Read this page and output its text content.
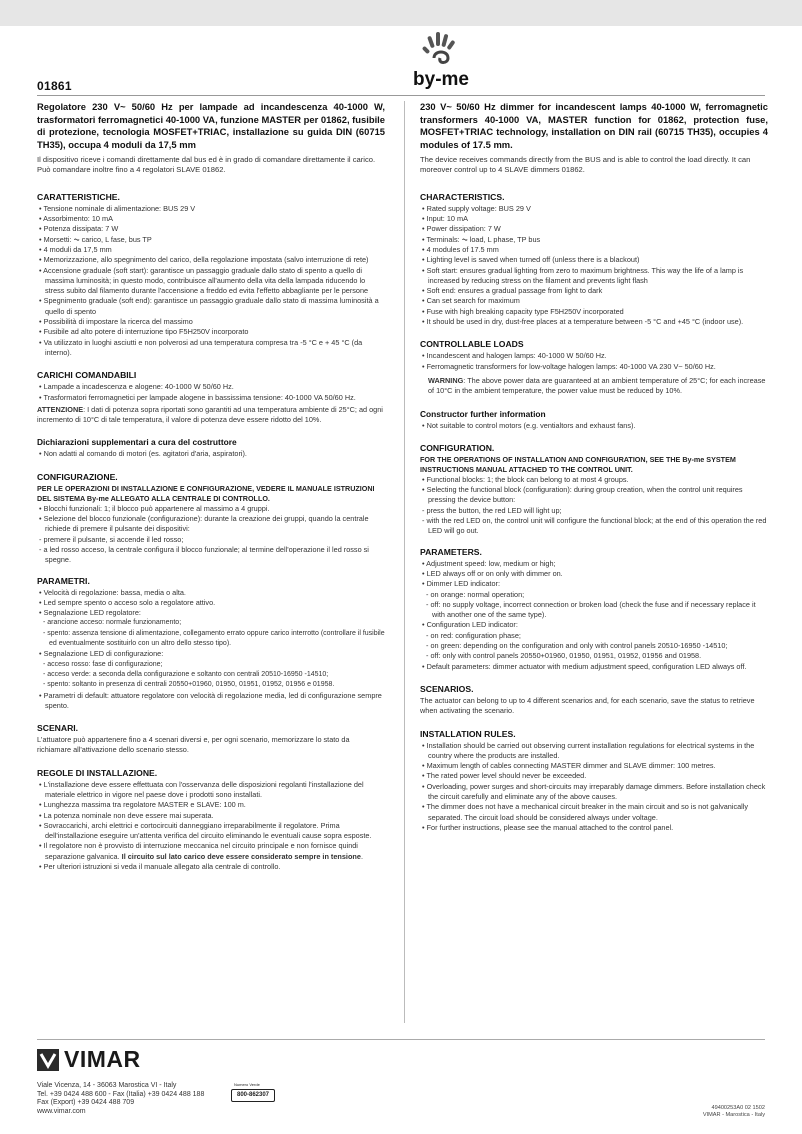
01861	by-me
Regolatore 230 V~ 50/60 Hz per lampade ad incandescenza 40-1000 W, trasformatori ferromagnetici 40-1000 VA, funzione MASTER per 01862, fusibile di protezione, tecnologia MOSFET+TRIAC, installazione su guida DIN (60715 TH35), occupa 4 moduli da 17,5 mm
Il dispositivo riceve i comandi direttamente dal bus ed è in grado di comandare direttamente il carico. Può comandare inoltre fino a 4 regolatori SLAVE 01862.
CARATTERISTICHE.
• Tensione nominale di alimentazione: BUS 29 V
• Assorbimento: 10 mA
• Potenza dissipata: 7 W
• Morsetti: ⏦ carico, L fase, bus TP
• 4 moduli da 17,5 mm
• Memorizzazione, allo spegnimento del carico, della regolazione impostata (salvo interruzione di rete)
• Accensione graduale (soft start): garantisce un passaggio graduale dallo stato di spento a quello di massima luminosità; in questo modo, contribuisce all'aumento della vita della lampada riducendo lo stress subito dal filamento durante l'accensione a freddo ed evita l'effetto abbagliante per le persone
• Spegnimento graduale (soft end): garantisce un passaggio graduale dallo stato di massima luminosità a quello di spento
• Possibilità di impostare la ricerca del massimo
• Fusibile ad alto potere di interruzione tipo F5H250V incorporato
• Va utilizzato in luoghi asciutti e non polverosi ad una temperatura compresa tra -5 °C e + 45 °C (da interno).
CARICHI COMANDABILI
• Lampade a incadescenza e alogene: 40-1000 W 50/60 Hz.
• Trasformatori ferromagnetici per lampade alogene in bassissima tensione: 40-1000 VA 50/60 Hz.
ATTENZIONE: I dati di potenza sopra riportati sono garantiti ad una temperatura ambiente di 25°C; ad ogni incremento di 10°C di tale temperatura, il valore di potenza deve essere ridotto del 10%.
Dichiarazioni supplementari a cura del costruttore
• Non adatti al comando di motori (es. agitatori d'aria, aspiratori).
CONFIGURAZIONE.
PER LE OPERAZIONI DI INSTALLAZIONE E CONFIGURAZIONE, VEDERE IL MANUALE ISTRUZIONI DEL SISTEMA By-me ALLEGATO ALLA CENTRALE DI CONTROLLO.
• Blocchi funzionali: 1; il blocco può appartenere al massimo a 4 gruppi.
• Selezione del blocco funzionale (configurazione): durante la creazione dei gruppi, quando la centrale richiede di premere il pulsante dei dispositivi:
- premere il pulsante, si accende il led rosso;
- a led rosso acceso, la centrale configura il blocco funzionale; al termine dell'operazione il led rosso si spegne.
PARAMETRI.
• Velocità di regolazione: bassa, media o alta.
• Led sempre spento o acceso solo a regolatore attivo.
• Segnalazione LED regolatore:
- arancione acceso: normale funzionamento;
- spento: assenza tensione di alimentazione, collegamento errato oppure carico interrotto (controllare il fusibile ed eventualmente sostituirlo con un altro dello stesso tipo).
• Segnalazione LED di configurazione:
- acceso rosso: fase di configurazione;
- acceso verde: a seconda della configurazione e soltanto con centrali 20510-16950 -14510;
- spento: soltanto in presenza di centrali 20550+01960, 01950, 01951, 01952, 01956 e 01958.
• Parametri di default: attuatore regolatore con velocità di regolazione media, led di configurazione sempre spento.
SCENARI.
L'attuatore può appartenere fino a 4 scenari diversi e, per ogni scenario, memorizzare lo stato da richiamare all'attivazione dello scenario stesso.
REGOLE DI INSTALLAZIONE.
• L'installazione deve essere effettuata con l'osservanza delle disposizioni regolanti l'installazione del materiale elettrico in vigore nel paese dove i prodotti sono installati.
• Lunghezza massima tra regolatore MASTER e SLAVE: 100 m.
• La potenza nominale non deve essere mai superata.
• Sovraccarichi, archi elettrici e cortocircuiti danneggiano irreparabilmente il regolatore. Prima dell'installazione eseguire un'attenta verifica del circuito eliminando le eventuali cause sopra esposte.
• Il regolatore non è provvisto di interruzione meccanica nel circuito principale e non fornisce quindi separazione galvanica. Il circuito sul lato carico deve essere considerato sempre in tensione.
• Per ulteriori istruzioni si veda il manuale allegato alla centrale di controllo.
230 V~ 50/60 Hz dimmer for incandescent lamps 40-1000 W, ferromagnetic transformers 40-1000 VA, MASTER function for 01862, protection fuse, MOSFET+TRIAC technology, installation on DIN rail (60715 TH35), occupies 4 modules of 17.5 mm.
The device receives commands directly from the BUS and is able to control the load directly. It can moreover control up to 4 SLAVE dimmers 01862.
CHARACTERISTICS.
• Rated supply voltage: BUS 29 V
• Input: 10 mA
• Power dissipation: 7 W
• Terminals: ⏦ load, L phase, TP bus
• 4 modules of 17.5 mm
• Lighting level is saved when turned off (unless there is a blackout)
• Soft start: ensures gradual lighting from zero to maximum brightness. This way the life of a lamp is increased by reducing stress on the filament and prevents light flash
• Soft end: ensures a gradual passage from light to dark
• Can set search for maximum
• Fuse with high breaking capacity type F5H250V incorporated
• It should be used in dry, dust-free places at a temperature between -5 °C and +45 °C (indoor use).
CONTROLLABLE LOADS
• Incandescent and halogen lamps: 40-1000 W 50/60 Hz.
• Ferromagnetic transformers for low-voltage halogen lamps: 40-1000 VA 230 V~ 50/60 Hz.
WARNING: The above power data are guaranteed at an ambient temperature of 25°C; for each increase of 10°C in the ambient temperature, the power value must be reduced by 10%.
Constructor further information
• Not suitable to control motors (e.g. ventialtors and exhaust fans).
CONFIGURATION.
FOR THE OPERATIONS OF INSTALLATION AND CONFIGURATION, SEE THE By-me SYSTEM INSTRUCTIONS MANUAL ATTACHED TO THE CONTROL UNIT.
• Functional blocks: 1; the block can belong to at most 4 groups.
• Selecting the functional block (configuration): during group creation, when the control unit requires pressing the device button:
- press the button, the red LED will light up;
- with the red LED on, the control unit will configure the functional block; at the end of this operation the red LED will go out.
PARAMETERS.
• Adjustment speed: low, medium or high;
• LED always off or on only with dimmer on.
• Dimmer LED indicator:
- on orange: normal operation;
- off: no supply voltage, incorrect connection or broken load (check the fuse and if necessary replace it with another one of the same type).
• Configuration LED indicator:
- on red: configuration phase;
- on green: depending on the configuration and only with control panels 20510-16950 -14510;
- off: only with control panels 20550+01960, 01950, 01951, 01952, 01956 and 01958.
• Default parameters: dimmer actuator with medium adjustment speed, configuration LED always off.
SCENARIOS.
The actuator can belong to up to 4 different scenarios and, for each scenario, save the status to retrieve when activating the scenario.
INSTALLATION RULES.
• Installation should be carried out observing current installation regulations for electrical systems in the country where the products are installed.
• Maximum length of cables connecting MASTER dimmer and SLAVE dimmer: 100 metres.
• The rated power level should never be exceeded.
• Overloading, power surges and short-circuits may irreparably damage dimmers. Before installation check the circuit carefully and eliminate any of the above causes.
• The dimmer does not have a mechanical circuit breaker in the main circuit and so is not galvanically separated. The circuit load should be considered always under voltage.
• For further instructions, please see the manual attached to the control panel.
VIMAR
Viale Vicenza, 14 - 36063 Marostica VI - Italy
Tel. +39 0424 488 600 - Fax (Italia) +39 0424 488 188
Fax (Export) +39 0424 488 709
www.vimar.com
Numero Verde
800-862307
49400253A0 02 1502
VIMAR - Marostica - Italy
